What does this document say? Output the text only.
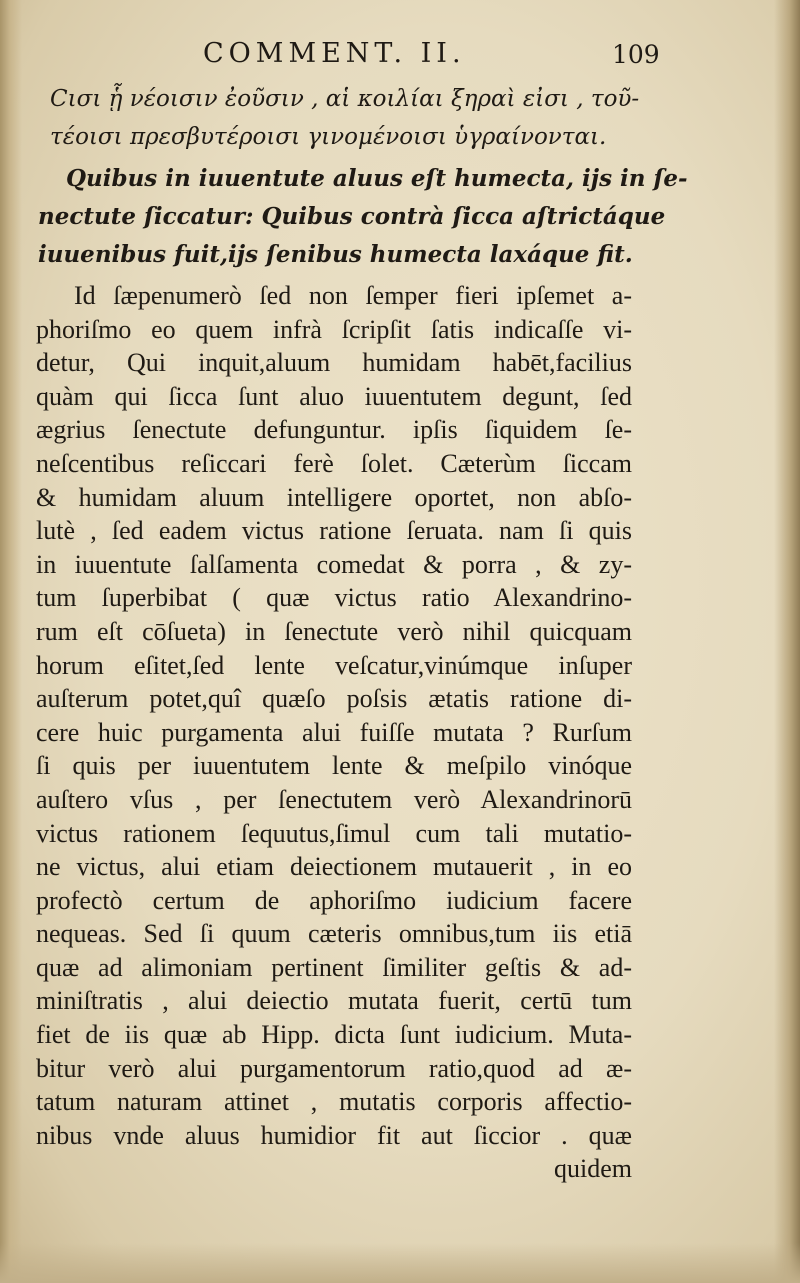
COMMENT. II.	109
Cισι ᾗ νέοισιν ἐοῦσιν , αἱ κοιλίαι ξηραὶ εἰσι , τοῦ-
τέοισι πρεσβυτέροισι γινομένοισι ὑγραίνονται.
Quibus in iuuentute aluus eſt humecta, ijs in ſe-
nectute ſiccatur: Quibus contrà ſicca aſtrictáque
iuuenibus fuit,ijs ſenibus humecta laxáque fit.
Id ſæpenumerò ſed non ſemper fieri ipſemet a-
phoriſmo eo quem infrà ſcripſit ſatis indicaſſe vi-
detur, Qui inquit,aluum humidam habēt,facilius
quàm qui ſicca ſunt aluo iuuentutem degunt, ſed
ægrius ſenectute defunguntur. ipſis ſiquidem ſe-
neſcentibus reſiccari ferè ſolet. Cæterùm ſiccam
& humidam aluum intelligere oportet, non abſo-
lutè , ſed eadem victus ratione ſeruata. nam ſi quis
in iuuentute ſalſamenta comedat & porra , & zy-
tum ſuperbibat ( quæ victus ratio Alexandrino-
rum eſt cōſueta) in ſenectute verò nihil quicquam
horum eſitet,ſed lente veſcatur,vinúmque inſuper
auſterum potet,quî quæſo poſsis ætatis ratione di-
cere huic purgamenta alui fuiſſe mutata ? Rurſum
ſi quis per iuuentutem lente & meſpilo vinóque
auſtero vſus , per ſenectutem verò Alexandrinorū
victus rationem ſequutus,ſimul cum tali mutatio-
ne victus, alui etiam deiectionem mutauerit , in eo
profectò certum de aphoriſmo iudicium facere
nequeas. Sed ſi quum cæteris omnibus,tum iis etiā
quæ ad alimoniam pertinent ſimiliter geſtis & ad-
miniſtratis , alui deiectio mutata fuerit, certū tum
fiet de iis quæ ab Hipp. dicta ſunt iudicium. Muta-
bitur verò alui purgamentorum ratio,quod ad æ-
tatum naturam attinet , mutatis corporis affectio-
nibus vnde aluus humidior fit aut ſiccior . quæ
quidem
